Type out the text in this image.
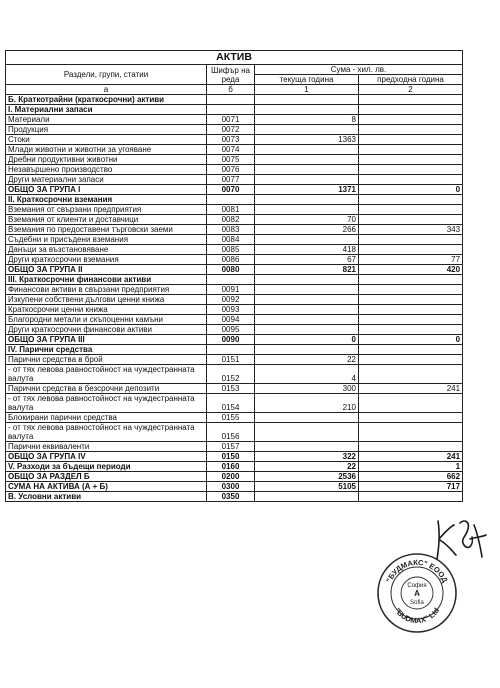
АКТИВ			
Раздели, групи, статии	Шифър на реда	Сума - хил. лв.	
		текуща година	предходна година
а	б	1	2
Б. Краткотрайни (краткосрочни) активи			
I. Материални запаси			
Материали	0071	8	
Продукция	0072		
Стоки	0073	1363	
Млади животни и животни за угояване	0074		
Дребни продуктивни животни	0075		
Незавършено производство	0076		
Други материални запаси	0077		
ОБЩО ЗА ГРУПА I	0070	1371	0
II. Краткосрочни вземания			
Вземания от свързани предприятия	0081		
Вземания от клиенти и доставчици	0082	70	
Вземания по предоставени търговски заеми	0083	266	343
Съдебни и присъдени вземания	0084		
Данъци за възстановяване	0085	418	
Други краткосрочни вземания	0086	67	77
ОБЩО ЗА ГРУПА II	0080	821	420
III. Краткосрочни финансови активи			
Финансови активи в свързани предприятия	0091		
Изкупени собствени дългови ценни книжа	0092		
Краткосрочни ценни книжа	0093		
Благородни метали и скъпоценни камъни	0094		
Други краткосрочни финансови активи	0095		
ОБЩО ЗА ГРУПА III	0090	0	0
IV. Парични средства			
Парични средства в брой	0151	22	
- от тях левова равностойност на чуждестранната валута	0152	4	
Парични средства в безсрочни депозити	0153	300	241
- от тях левова равностойност на чуждестранната валута	0154	210	
Блокирани парични средства	0155		
- от тях левова равностойност на чуждестранната валута	0156		
Парични еквиваленти	0157		
ОБЩО ЗА ГРУПА IV	0150	322	241
V. Разходи за бъдещи периоди	0160	22	1
ОБЩО ЗА РАЗДЕЛ Б	0200	2536	662
СУМА НА АКТИВА (А + Б)	0300	5105	717
В. Условни активи	0350		
"БУДМАКС" ЕООД
"BUDMAX" Ltd
София
A
Sofia
